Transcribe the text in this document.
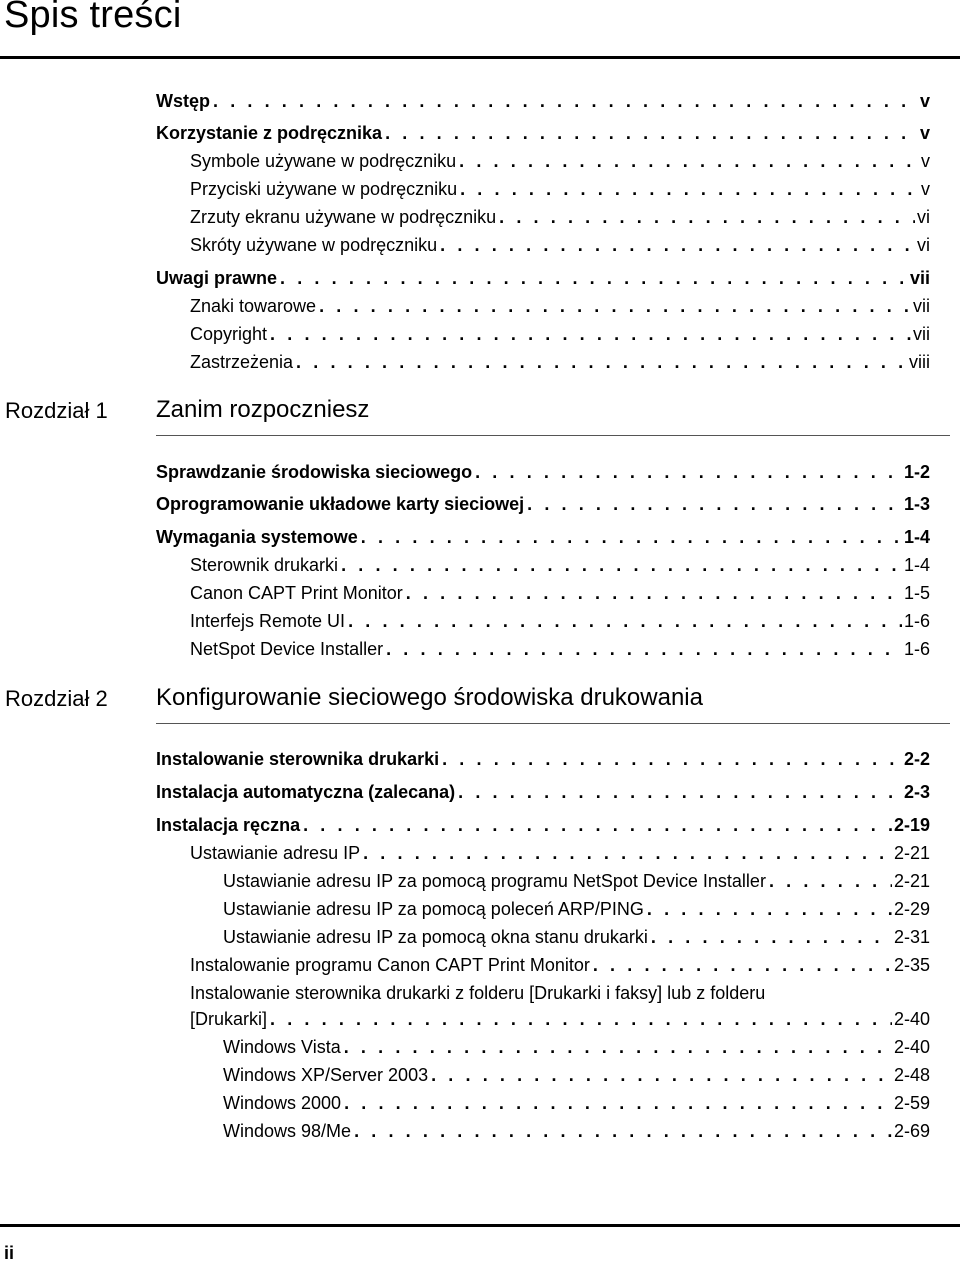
Spis treści
Wstęp . . .	v
Korzystanie z podręcznika . . .	v
Symbole używane w podręczniku . . .	v
Przyciski używane w podręczniku . . .	v
Zrzuty ekranu używane w podręczniku . . .	vi
Skróty używane w podręczniku . . .	vi
Uwagi prawne . . .	vii
Znaki towarowe . . .	vii
Copyright . . .	vii
Zastrzeżenia . . .	viii
Rozdział 1 Zanim rozpoczniesz
Sprawdzanie środowiska sieciowego . . .	1-2
Oprogramowanie układowe karty sieciowej . . .	1-3
Wymagania systemowe . . .	1-4
Sterownik drukarki . . .	1-4
Canon CAPT Print Monitor . . .	1-5
Interfejs Remote UI . . .	1-6
NetSpot Device Installer . . .	1-6
Rozdział 2 Konfigurowanie sieciowego środowiska drukowania
Instalowanie sterownika drukarki . . .	2-2
Instalacja automatyczna (zalecana) . . .	2-3
Instalacja ręczna . . .	2-19
Ustawianie adresu IP . . .	2-21
Ustawianie adresu IP za pomocą programu NetSpot Device Installer . . .	2-21
Ustawianie adresu IP za pomocą poleceń ARP/PING . . .	2-29
Ustawianie adresu IP za pomocą okna stanu drukarki . . .	2-31
Instalowanie programu Canon CAPT Print Monitor . . .	2-35
Instalowanie sterownika drukarki z folderu [Drukarki i faksy] lub z folderu
[Drukarki] . . .	2-40
Windows Vista . . .	2-40
Windows XP/Server 2003 . . .	2-48
Windows 2000 . . .	2-59
Windows 98/Me . . .	2-69
ii
